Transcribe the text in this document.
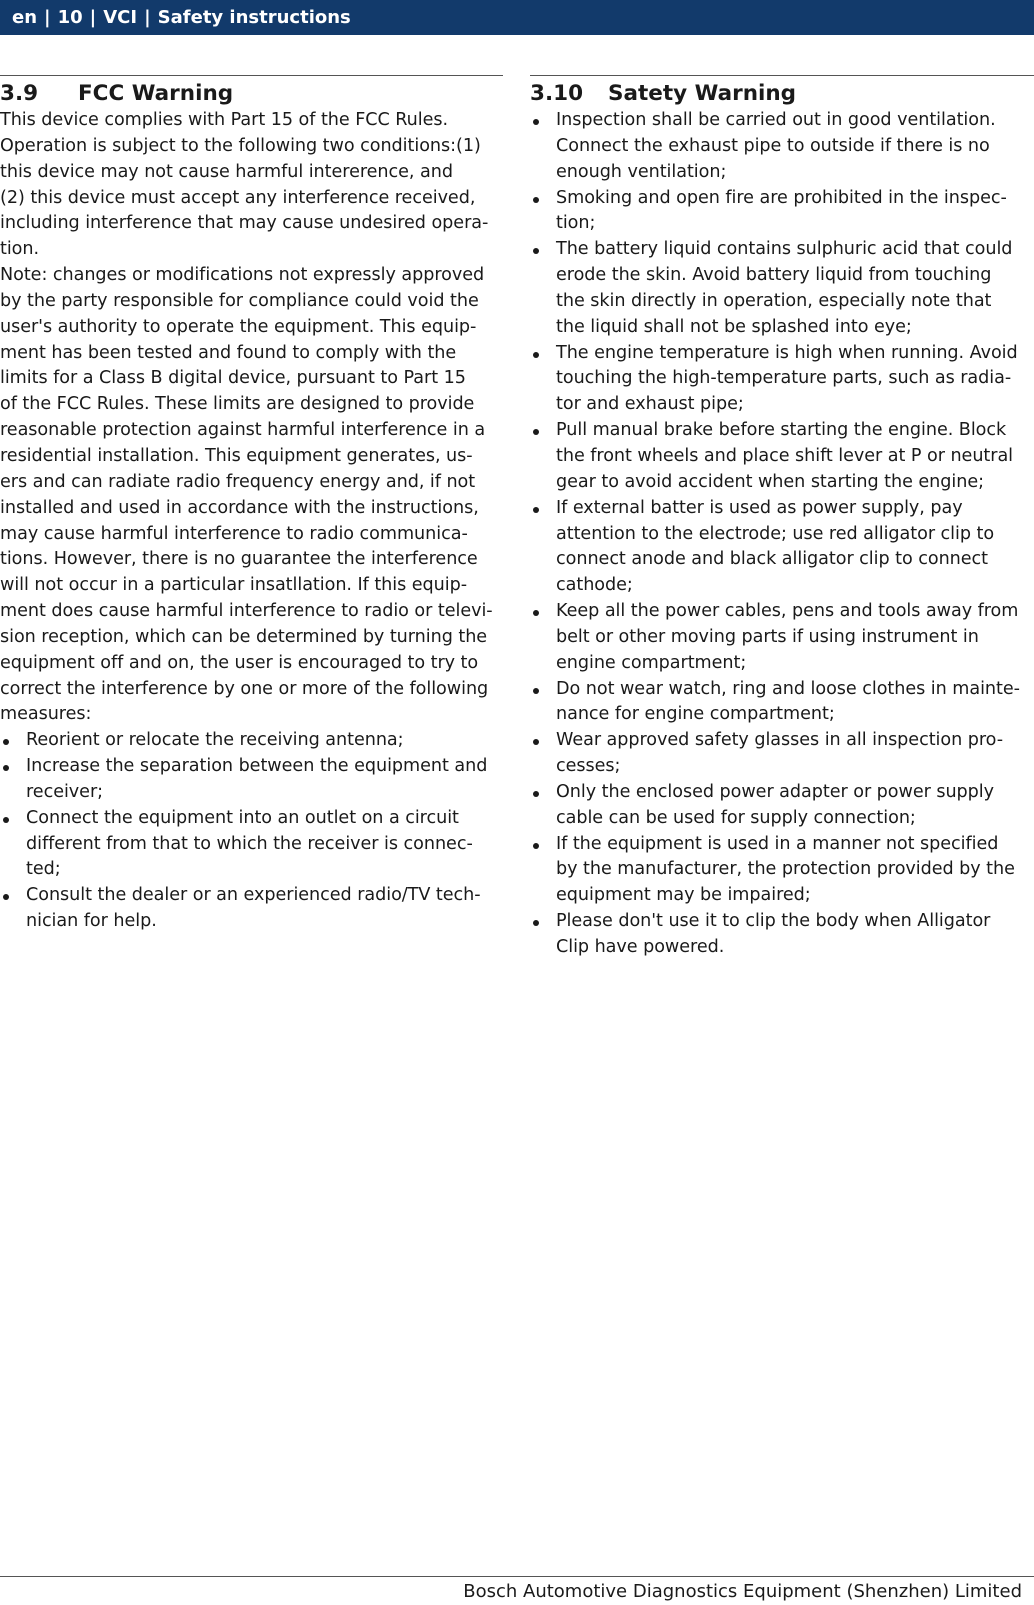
en | 10 | VCI | Safety instructions
3.9	FCC Warning
This device complies with Part 15 of the FCC Rules.
Operation is subject to the following two conditions:(1)
this device may not cause harmful intererence, and
(2) this device must accept any interference received,
including interference that may cause undesired opera-
tion.
Note: changes or modifications not expressly approved
by the party responsible for compliance could void the
user's authority to operate the equipment. This equip-
ment has been tested and found to comply with the
limits for a Class B digital device, pursuant to Part 15
of the FCC Rules. These limits are designed to provide
reasonable protection against harmful interference in a
residential installation. This equipment generates, us-
ers and can radiate radio frequency energy and, if not
installed and used in accordance with the instructions,
may cause harmful interference to radio communica-
tions. However, there is no guarantee the interference
will not occur in a particular insatllation. If this equip-
ment does cause harmful interference to radio or televi-
sion reception, which can be determined by turning the
equipment off and on, the user is encouraged to try to
correct the interference by one or more of the following
measures:
Reorient or relocate the receiving antenna;
Increase the separation between the equipment and
receiver;
Connect the equipment into an outlet on a circuit
different from that to which the receiver is connec-
ted;
Consult the dealer or an experienced radio/TV tech-
nician for help.
3.10	Satety Warning
Inspection shall be carried out in good ventilation.
Connect the exhaust pipe to outside if there is no
enough ventilation;
Smoking and open fire are prohibited in the inspec-
tion;
The battery liquid contains sulphuric acid that could
erode the skin. Avoid battery liquid from touching
the skin directly in operation, especially note that
the liquid shall not be splashed into eye;
The engine temperature is high when running. Avoid
touching the high-temperature parts, such as radia-
tor and exhaust pipe;
Pull manual brake before starting the engine. Block
the front wheels and place shift lever at P or neutral
gear to avoid accident when starting the engine;
If external batter is used as power supply, pay
attention to the electrode; use red alligator clip to
connect anode and black alligator clip to connect
cathode;
Keep all the power cables, pens and tools away from
belt or other moving parts if using instrument in
engine compartment;
Do not wear watch, ring and loose clothes in mainte-
nance for engine compartment;
Wear approved safety glasses in all inspection pro-
cesses;
Only the enclosed power adapter or power supply
cable can be used for supply connection;
If the equipment is used in a manner not specified
by the manufacturer, the protection provided by the
equipment may be impaired;
Please don't use it to clip the body when Alligator
Clip have powered.
Bosch Automotive Diagnostics Equipment (Shenzhen) Limited
